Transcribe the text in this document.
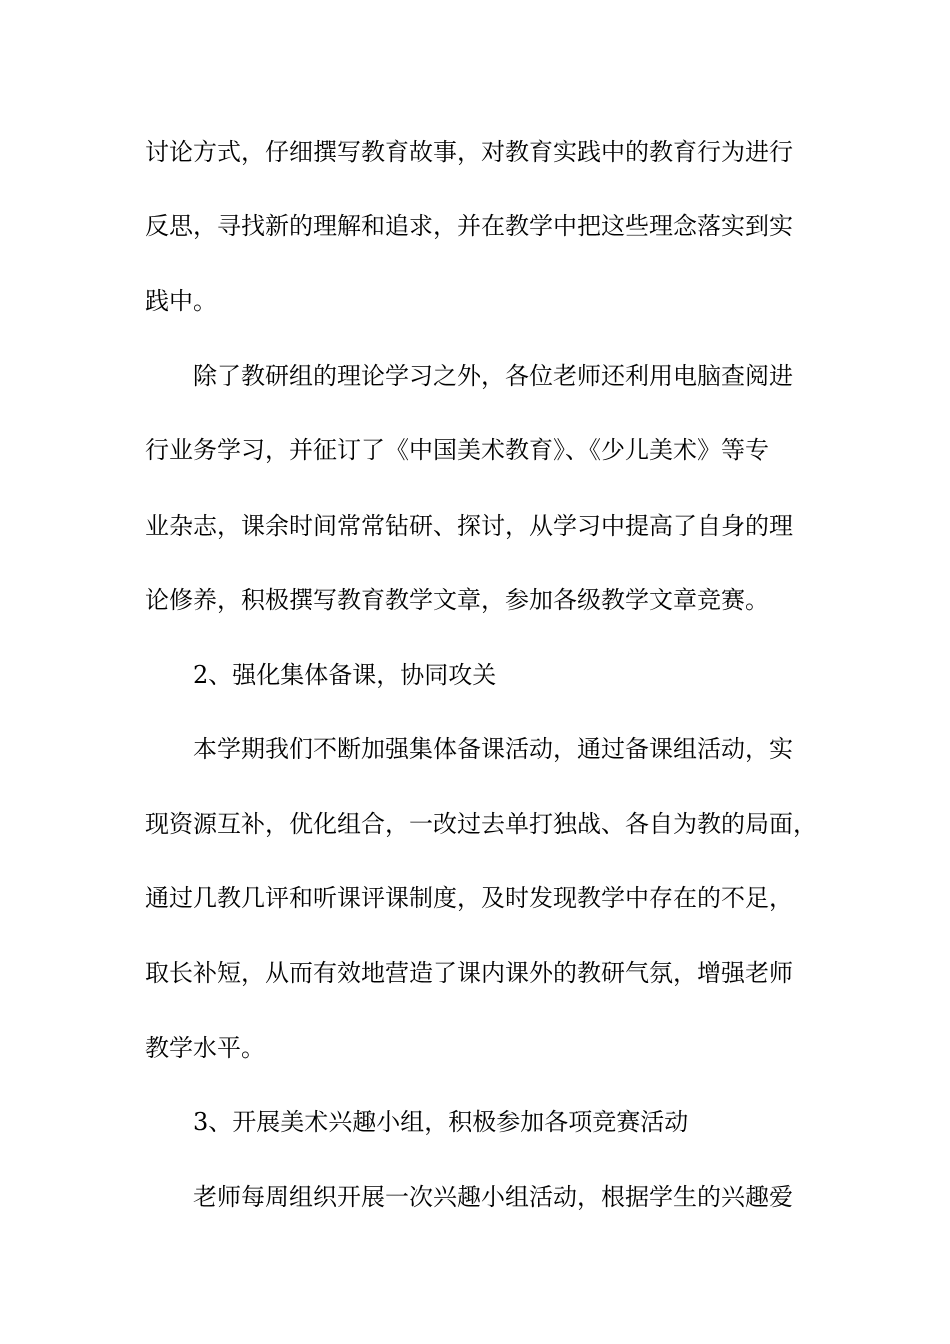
讨论方式，仔细撰写教育故事，对教育实践中的教育行为进行
反思，寻找新的理解和追求，并在教学中把这些理念落实到实
践中。
除了教研组的理论学习之外，各位老师还利用电脑查阅进
行业务学习，并征订了《中国美术教育》、《少儿美术》等专
业杂志，课余时间常常钻研、探讨，从学习中提高了自身的理
论修养，积极撰写教育教学文章，参加各级教学文章竞赛。
2、强化集体备课，协同攻关
本学期我们不断加强集体备课活动，通过备课组活动，实
现资源互补，优化组合，一改过去单打独战、各自为教的局面，
通过几教几评和听课评课制度，及时发现教学中存在的不足，
取长补短，从而有效地营造了课内课外的教研气氛，增强老师
教学水平。
3、开展美术兴趣小组，积极参加各项竞赛活动
老师每周组织开展一次兴趣小组活动，根据学生的兴趣爱
